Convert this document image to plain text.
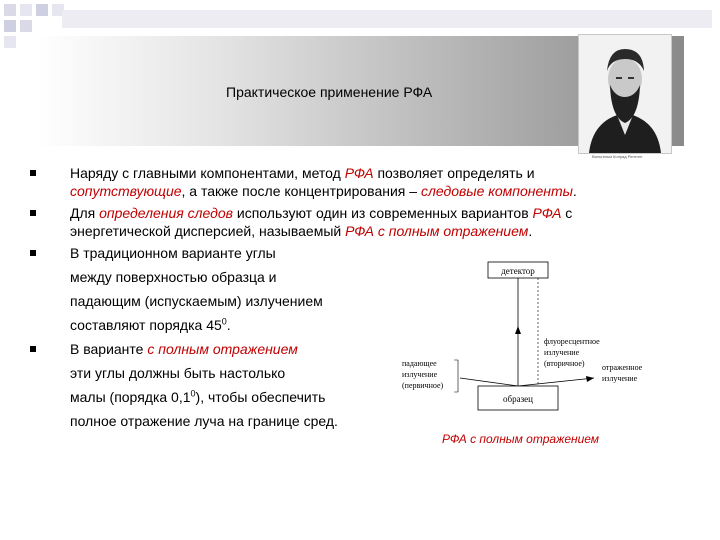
Практическое применение РФА
Вильгельм Конрад Рентген
Наряду с главными компонентами, метод РФА позволяет определять и
сопутствующие, а также после концентрирования – следовые компоненты.
Для определения следов используют один из современных вариантов РФА с
энергетической дисперсией, называемый РФА с полным отражением.
В традиционном варианте углы
между поверхностью образца и
падающим (испускаемым) излучением
составляют порядка $45^0$.
В варианте с полным отражением
эти углы должны быть настолько
малы (порядка $0,1^0$), чтобы обеспечить
полное отражение луча на границе сред.
детектор
флуоресцентное
излучение
(вторичное)
падающее
излучение
(первичное)
отраженное
излучение
образец
РФА с полным отражением
